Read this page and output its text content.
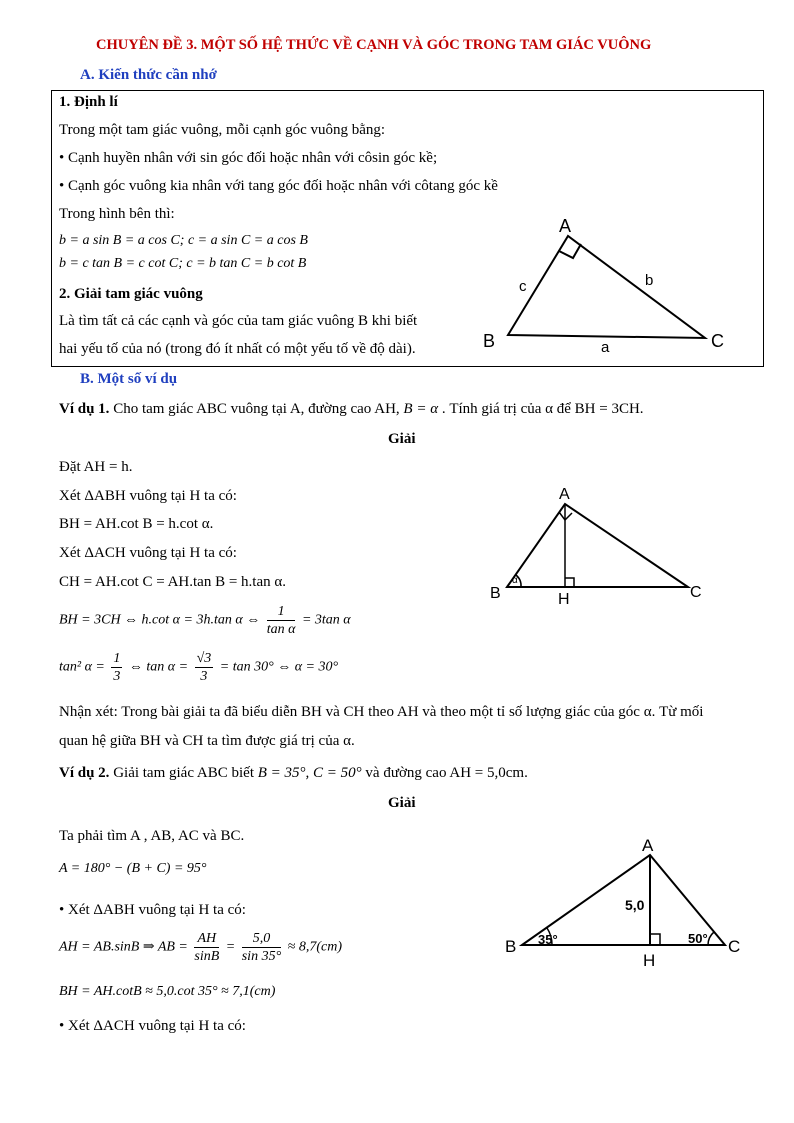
CHUYÊN ĐỀ 3. MỘT SỐ HỆ THỨC VỀ CẠNH VÀ GÓC TRONG TAM GIÁC VUÔNG
A. Kiến thức cần nhớ
1. Định lí
Trong một tam giác vuông, mỗi cạnh góc vuông bằng:
• Cạnh huyền nhân với sin góc đối hoặc nhân với côsin góc kề;
• Cạnh góc vuông kia nhân với tang góc đối hoặc nhân với côtang góc kề
Trong hình bên thì:
b = a sin B = a cos C; c = a sin C = a cos B
b = c tan B = c cot C; c = b tan C = b cot B
2. Giải tam giác vuông
Là tìm tất cả các cạnh và góc của tam giác vuông B khi biết
hai yếu tố của nó (trong đó ít nhất có một yếu tố về độ dài).
A
B	C
a
b
c
B. Một số ví dụ
Ví dụ 1. Cho tam giác ABC vuông tại A, đường cao AH, B = α . Tính giá trị của α để BH = 3CH.
Giải
Đặt AH = h.
Xét ΔABH vuông tại H ta có:
BH = AH.cot B = h.cot α.
Xét ΔACH vuông tại H ta có:
CH = AH.cot C = AH.tan B = h.tan α.
BH = 3CH ⇔ h.cot α = 3h.tan α ⇔ $\frac{1}{\text{tan α}} = 3\tan$ α
tan² $\alpha = \frac{1}{3}$ ⇔ $\tan \alpha = \frac{√3}{3} = \tan 30^\circ$ ⇔ α = 30°
Nhận xét: Trong bài giải ta đã biểu diễn BH và CH theo AH và theo một tỉ số lượng giác của góc α. Từ mối
quan hệ giữa BH và CH ta tìm được giá trị của α.
α
A
B	C
H
Ví dụ 2. Giải tam giác ABC biết B = 35°, C = 50° và đường cao AH = 5,0cm.
Giải
Ta phải tìm A , AB, AC và BC.
A = 180° − (B + C) = 95°
• Xét ΔABH vuông tại H ta có:
AH = AB.sinB ⇒ AB = $\frac{AH}{\sin B} = \frac{5,0}{\sin 35^\circ} \approx 8,7(cm)$
BH = AH.cotB ≈ 5,0.cot 35° ≈ 7,1(cm)
• Xét ΔACH vuông tại H ta có:
A
B	C
H
5,0
35°	50°
